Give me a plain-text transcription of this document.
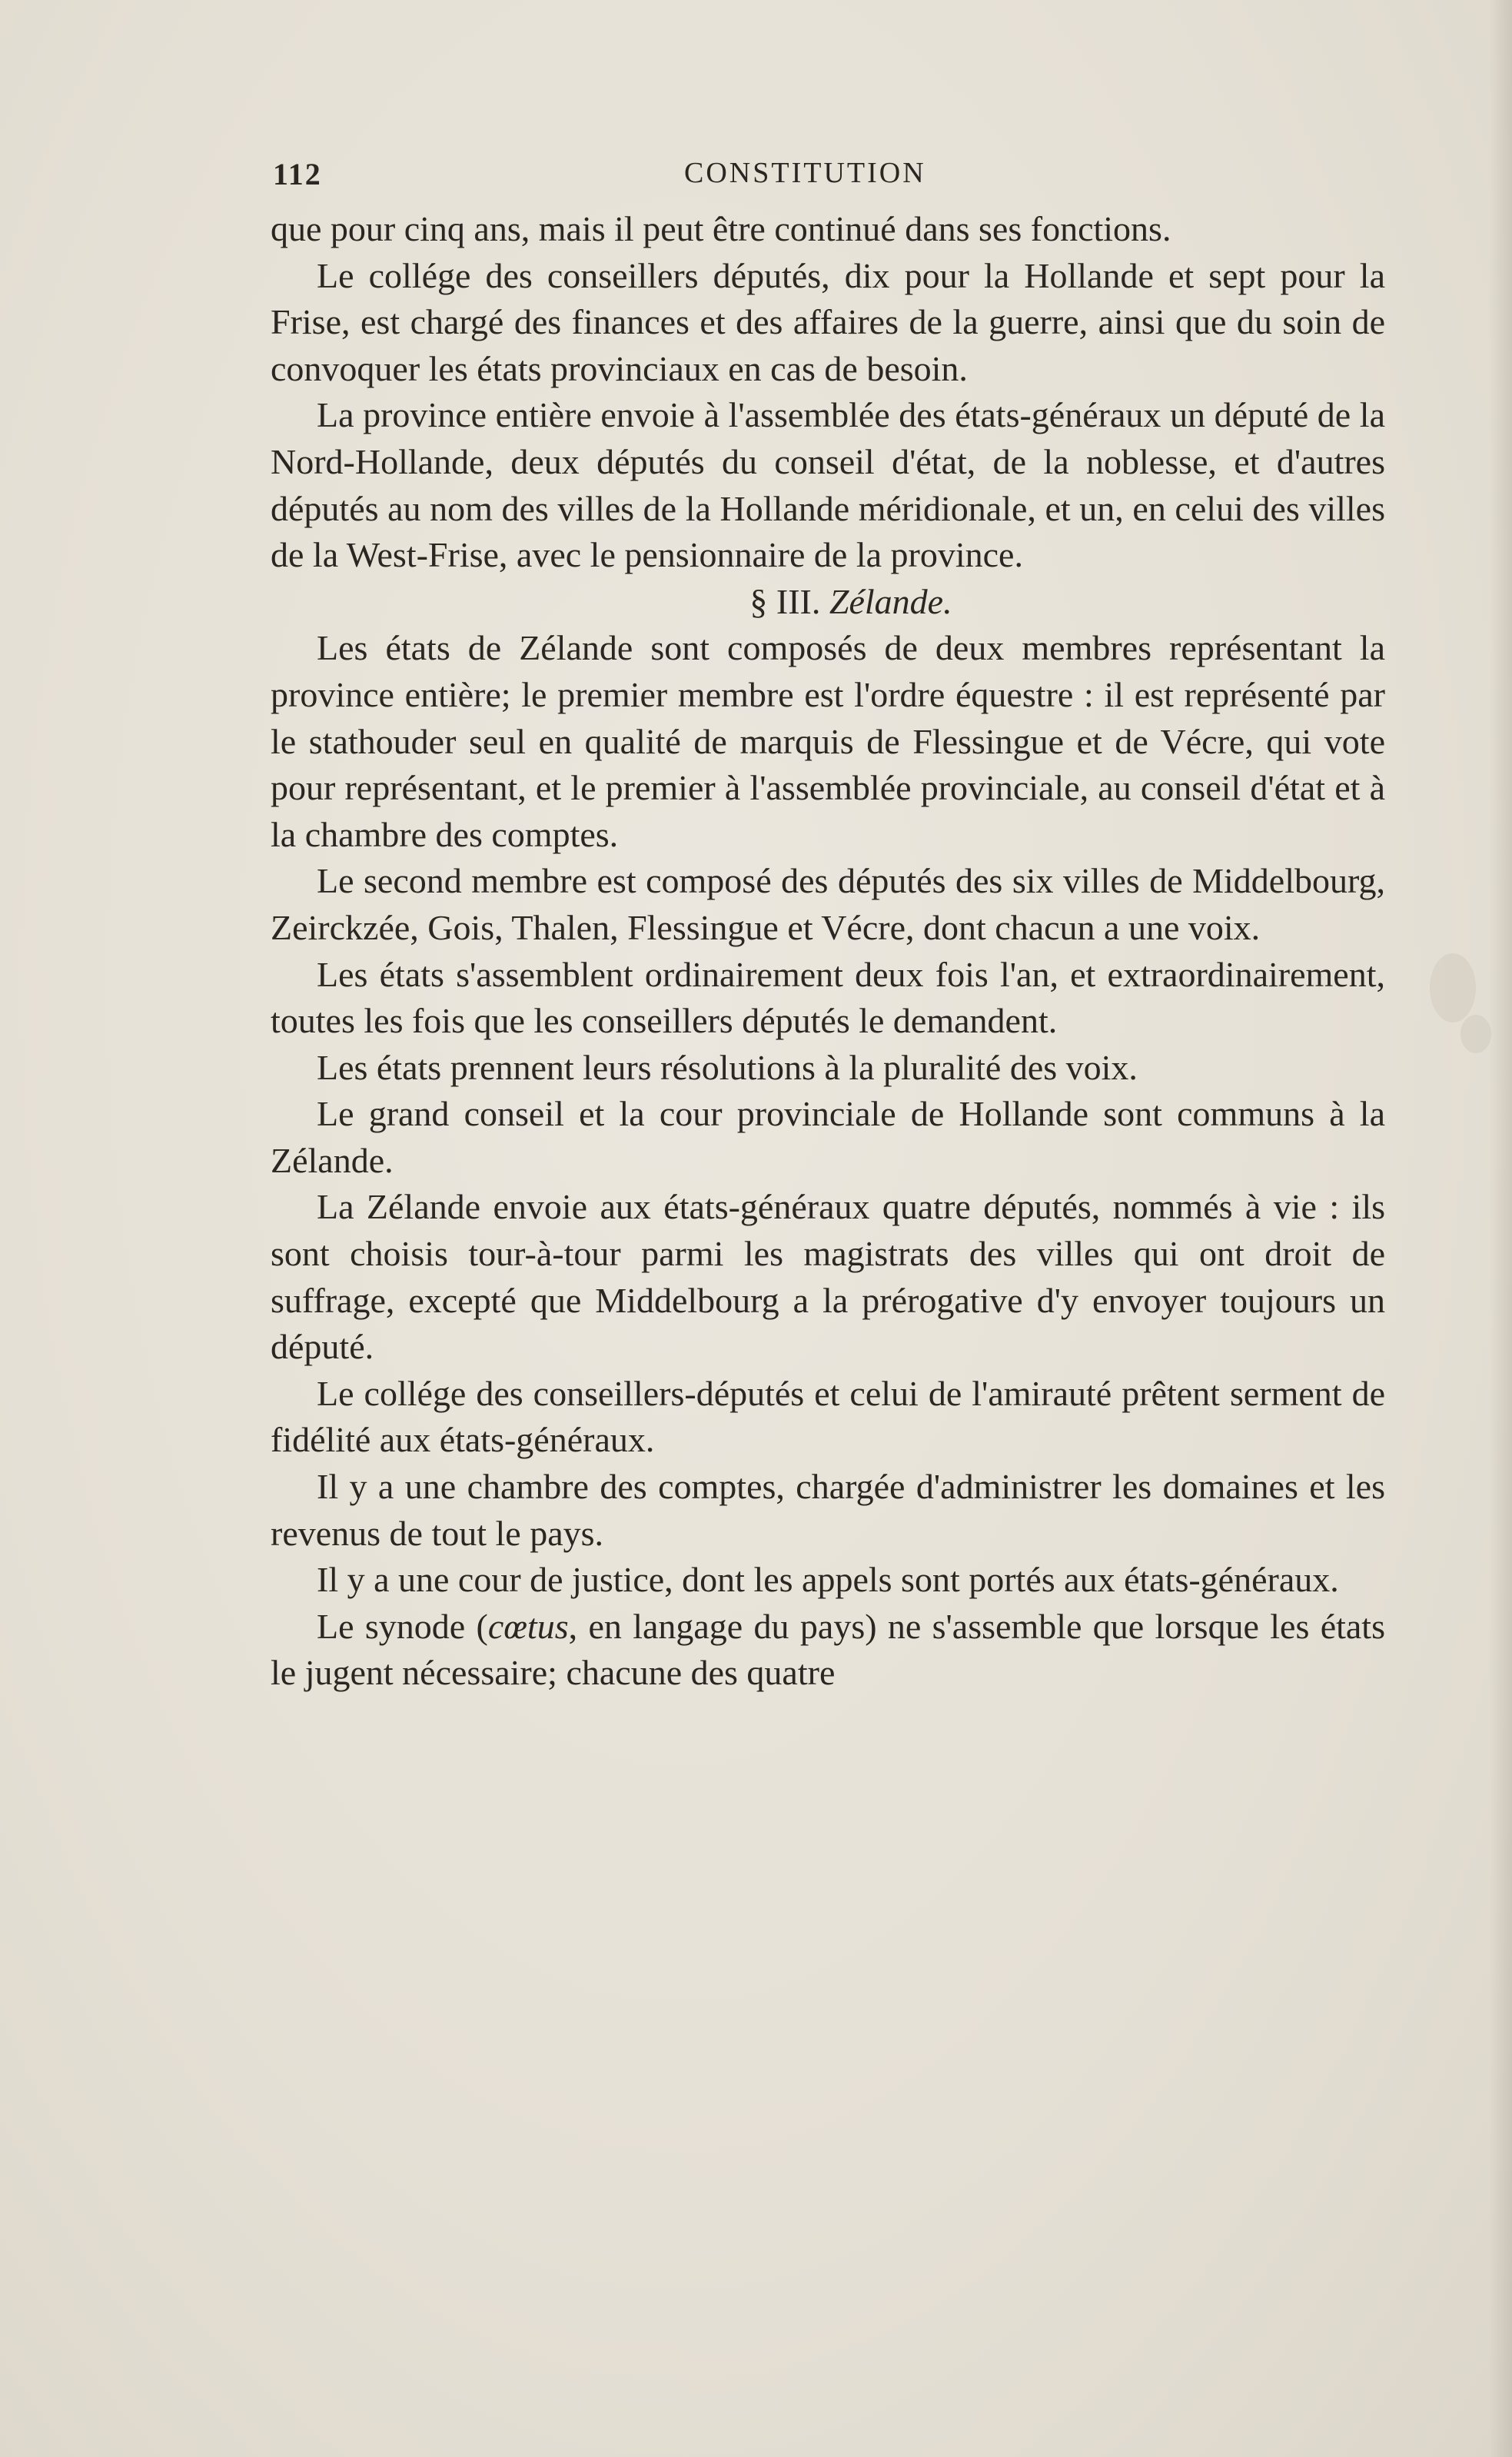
112	CONSTITUTION

que pour cinq ans, mais il peut être continué dans ses fonctions.

Le collége des conseillers députés, dix pour la Hollande et sept pour la Frise, est chargé des finances et des affaires de la guerre, ainsi que du soin de convoquer les états provinciaux en cas de besoin.

La province entière envoie à l'assemblée des états-généraux un député de la Nord-Hollande, deux députés du conseil d'état, de la noblesse, et d'autres députés au nom des villes de la Hollande méridionale, et un, en celui des villes de la West-Frise, avec le pensionnaire de la province.

§ III. Zélande.

Les états de Zélande sont composés de deux membres représentant la province entière; le premier membre est l'ordre équestre : il est représenté par le stathouder seul en qualité de marquis de Flessingue et de Vécre, qui vote pour représentant, et le premier à l'assemblée provinciale, au conseil d'état et à la chambre des comptes.

Le second membre est composé des députés des six villes de Middelbourg, Zeirckzée, Gois, Thalen, Flessingue et Vécre, dont chacun a une voix.

Les états s'assemblent ordinairement deux fois l'an, et extraordinairement, toutes les fois que les conseillers députés le demandent.

Les états prennent leurs résolutions à la pluralité des voix.

Le grand conseil et la cour provinciale de Hollande sont communs à la Zélande.

La Zélande envoie aux états-généraux quatre députés, nommés à vie : ils sont choisis tour-à-tour parmi les magistrats des villes qui ont droit de suffrage, excepté que Middelbourg a la prérogative d'y envoyer toujours un député.

Le collége des conseillers-députés et celui de l'amirauté prêtent serment de fidélité aux états-généraux.

Il y a une chambre des comptes, chargée d'administrer les domaines et les revenus de tout le pays.

Il y a une cour de justice, dont les appels sont portés aux états-généraux.

Le synode (cœtus, en langage du pays) ne s'assemble que lorsque les états le jugent nécessaire; chacune des quatre
